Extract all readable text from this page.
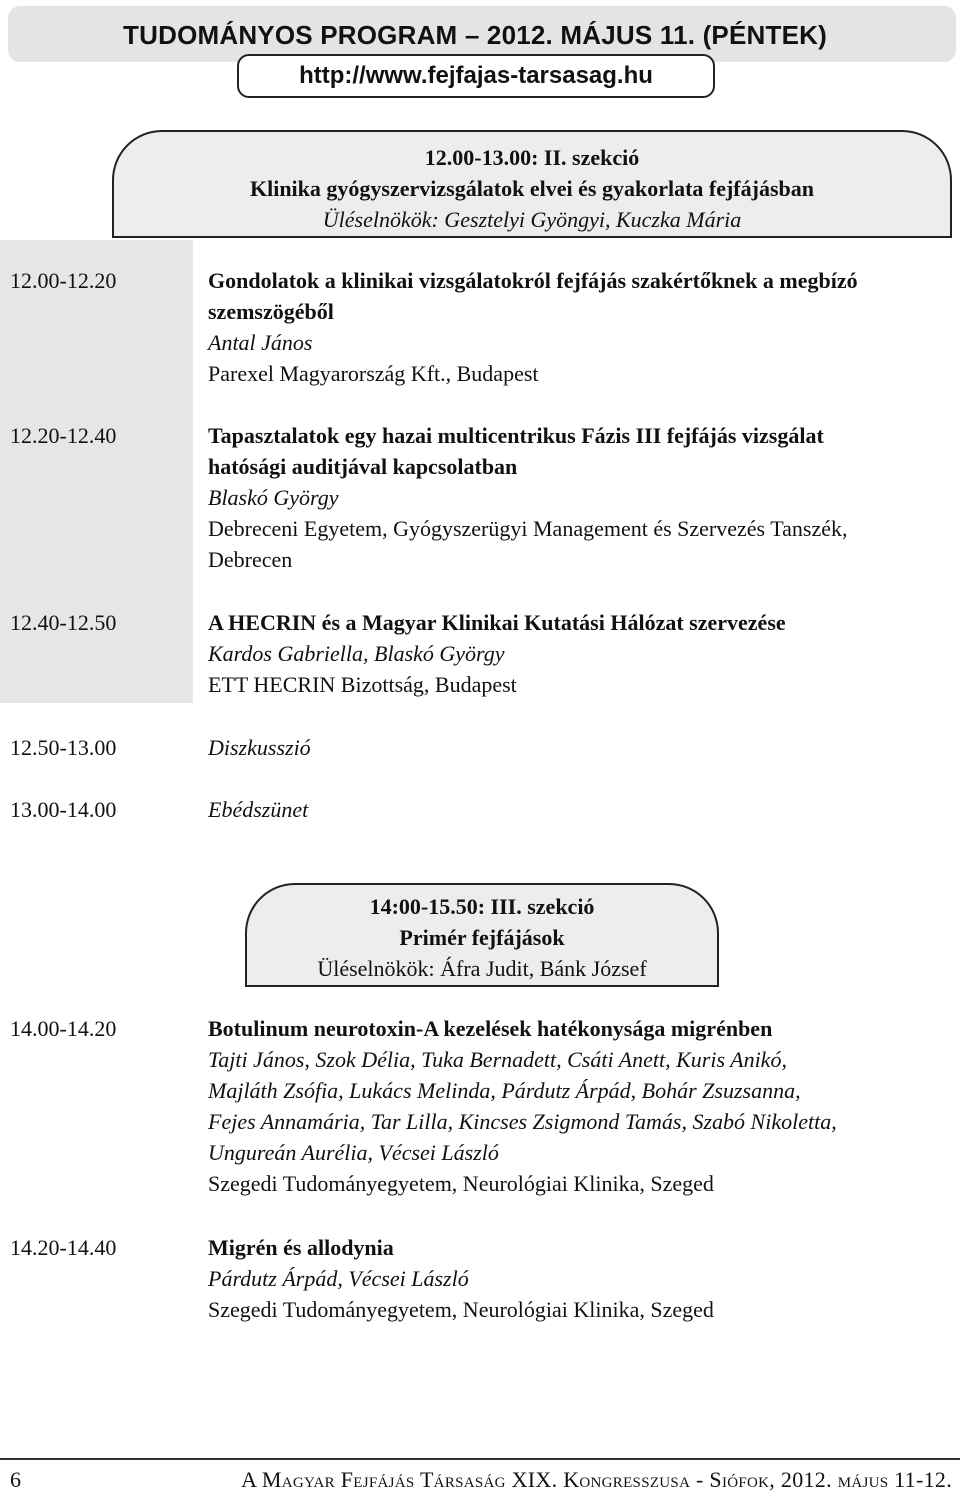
TUDOMÁNYOS PROGRAM – 2012. MÁJUS 11. (PÉNTEK)
http://www.fejfajas-tarsasag.hu
12.00-13.00: II. szekció
Klinika gyógyszervizsgálatok elvei és gyakorlata fejfájásban
Üléselnökök: Gesztelyi Gyöngyi, Kuczka Mária
12.00-12.20	Gondolatok a klinikai vizsgálatokról fejfájás szakértőknek a megbízó
szemszögéből
Antal János
Parexel Magyarország Kft., Budapest
12.20-12.40	Tapasztalatok egy hazai multicentrikus Fázis III fejfájás vizsgálat
hatósági auditjával kapcsolatban
Blaskó György
Debreceni Egyetem, Gyógyszerügyi Management és Szervezés Tanszék,
Debrecen
12.40-12.50	A HECRIN és a Magyar Klinikai Kutatási Hálózat szervezése
Kardos Gabriella, Blaskó György
ETT HECRIN Bizottság, Budapest
12.50-13.00	Diszkusszió
13.00-14.00	Ebédszünet
14:00-15.50: III. szekció
Primér fejfájások
Üléselnökök: Áfra Judit, Bánk József
14.00-14.20	Botulinum neurotoxin-A kezelések hatékonysága migrénben
Tajti János, Szok Délia, Tuka Bernadett, Csáti Anett, Kuris Anikó,
Majláth Zsófia, Lukács Melinda, Párdutz Árpád, Bohár Zsuzsanna,
Fejes Annamária, Tar Lilla, Kincses Zsigmond Tamás, Szabó Nikoletta,
Ungureán Aurélia, Vécsei László
Szegedi Tudományegyetem, Neurológiai Klinika, Szeged
14.20-14.40	Migrén és allodynia
Párdutz Árpád, Vécsei László
Szegedi Tudományegyetem, Neurológiai Klinika, Szeged
6	A Magyar Fejfájás Társaság XIX. Kongresszusa - Siófok, 2012. május 11-12.
